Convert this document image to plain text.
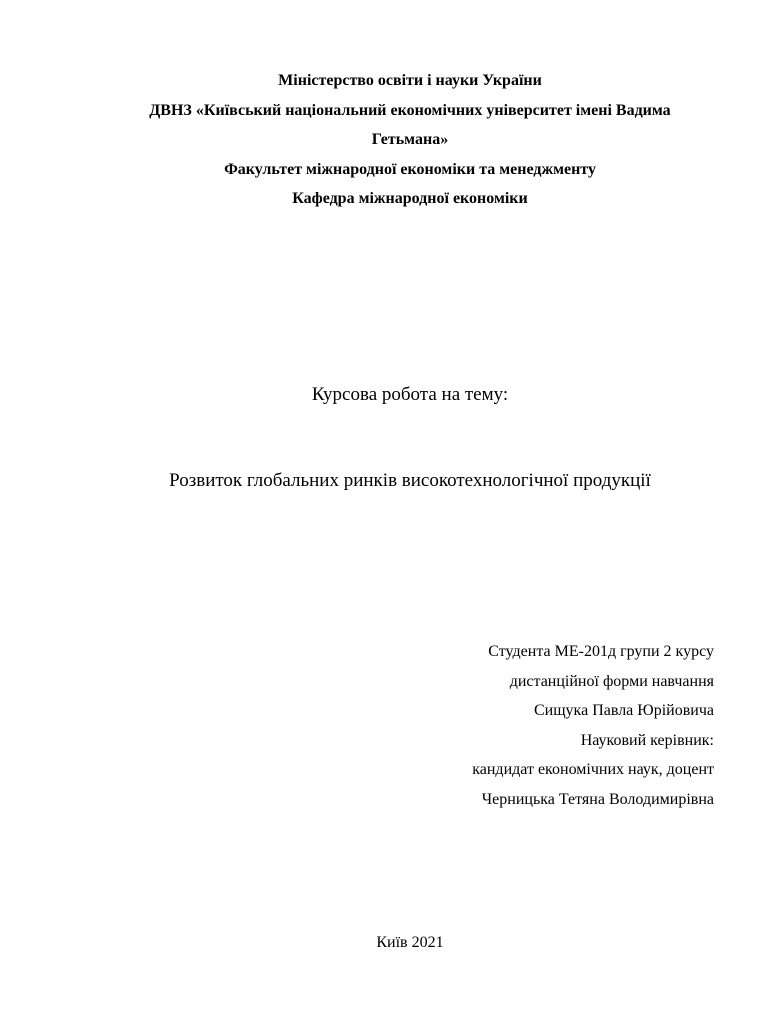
Міністерство освіти і науки України
ДВНЗ «Київський національний економічних університет імені Вадима
Гетьмана»
Факультет міжнародної економіки та менеджменту
Кафедра міжнародної економіки
Курсова робота на тему:
Розвиток глобальних ринків високотехнологічної продукції
Студента МЕ-201д групи 2 курсу
дистанційної форми навчання
Сищука Павла Юрійовича
Науковий керівник:
кандидат економічних наук, доцент
Черницька Тетяна Володимирівна
Київ 2021
